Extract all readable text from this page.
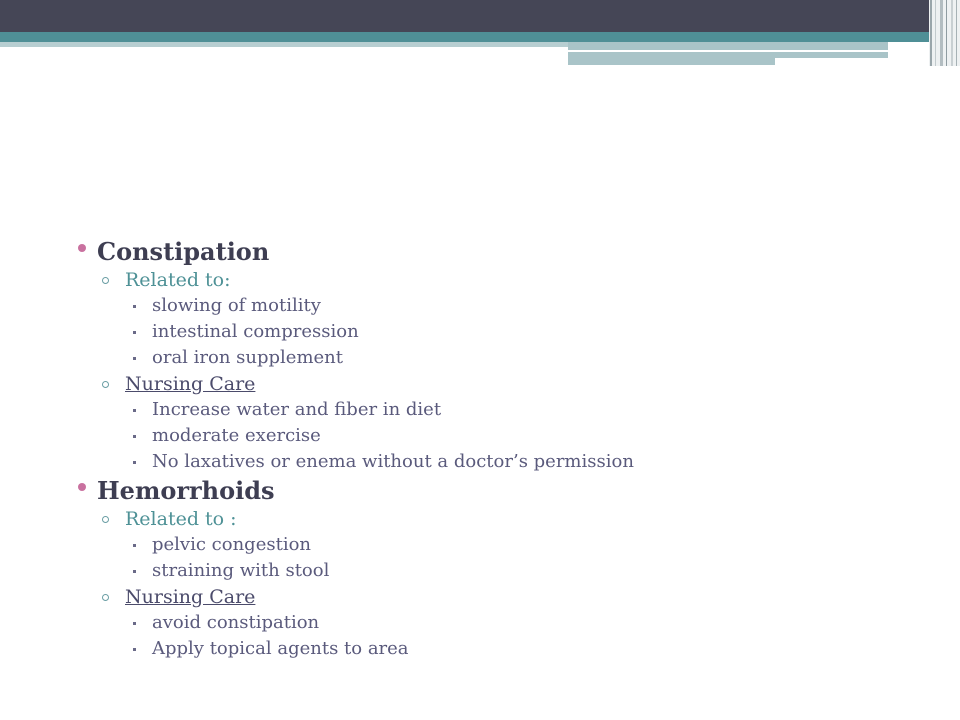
Constipation
Related to:
slowing of motility
intestinal compression
oral iron supplement
Nursing Care
Increase water and fiber in diet
moderate exercise
No laxatives or enema without a doctor’s permission
Hemorrhoids
Related to :
pelvic congestion
straining with stool
Nursing Care
avoid constipation
Apply topical agents to area
